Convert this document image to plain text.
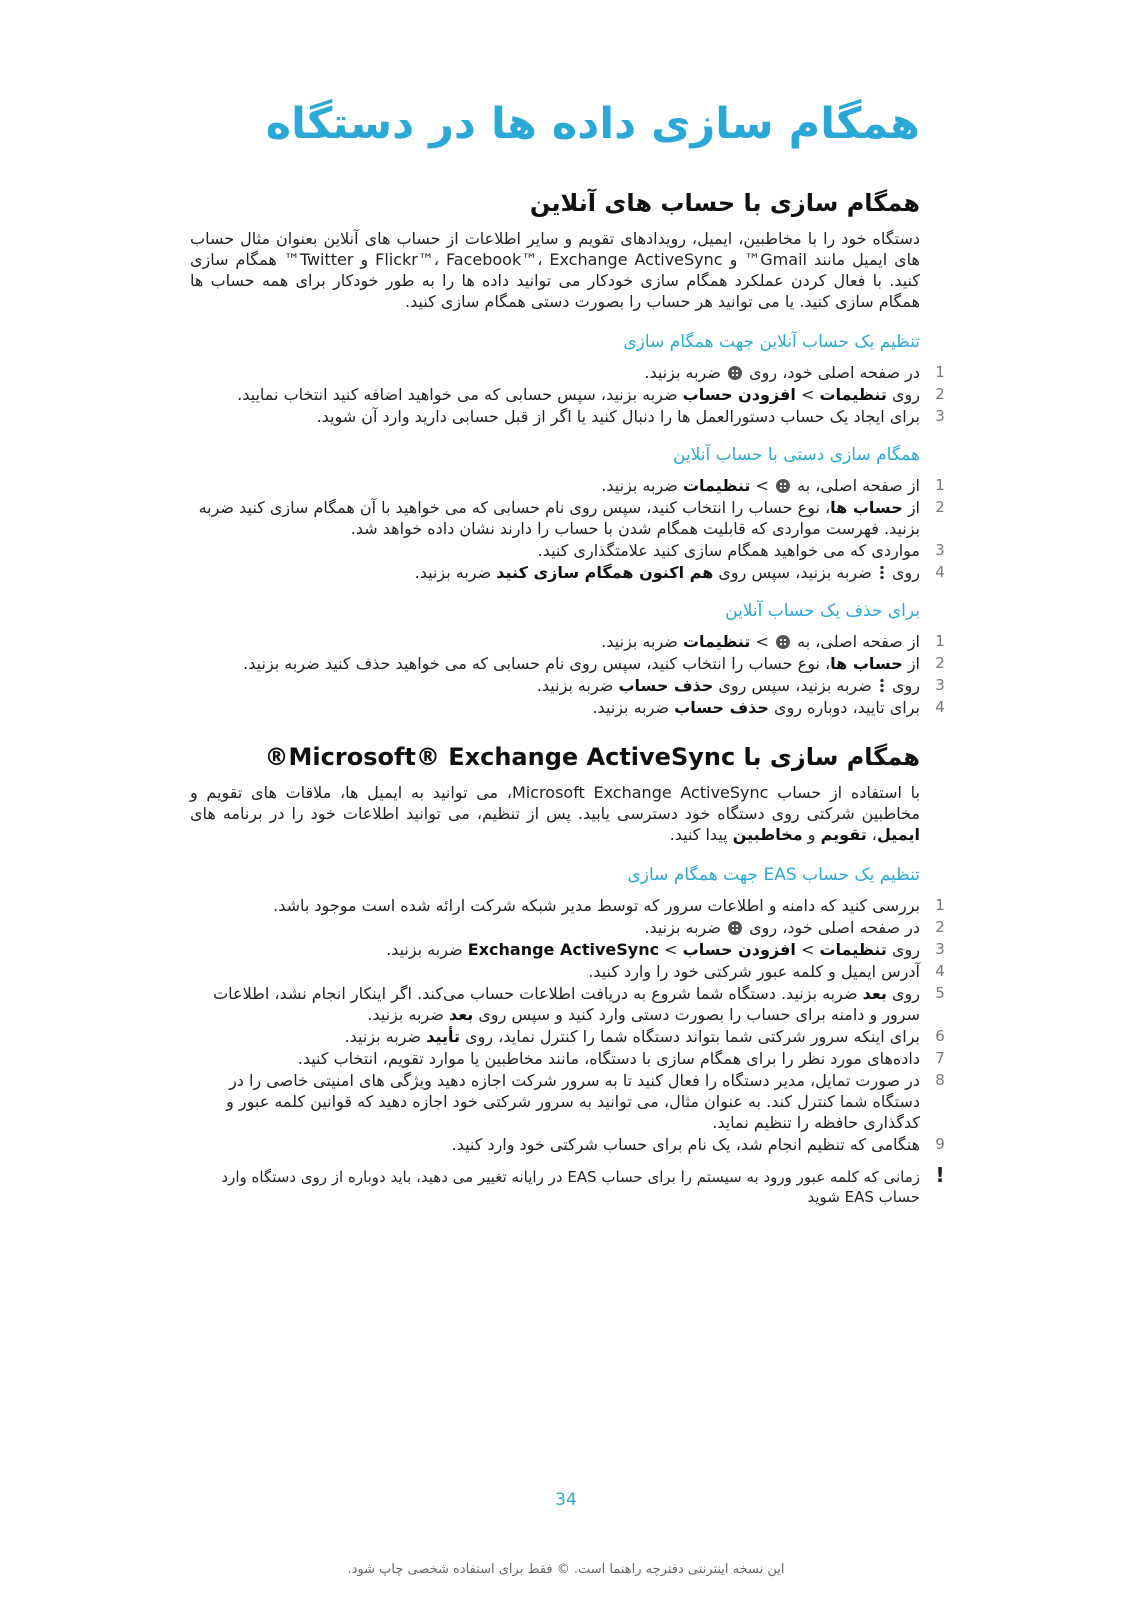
همگام سازی داده ها در دستگاه
همگام سازی با حساب های آنلاین

دستگاه خود را با مخاطبین، ایمیل، رویدادهای تقویم و سایر اطلاعات از حساب های آنلاین بعنوان مثال حساب های ایمیل مانند Gmail™ و Flickr™، Facebook™، Exchange ActiveSync و Twitter™ همگام سازی کنید. با فعال کردن عملکرد همگام سازی خودکار می توانید داده ها را به طور خودکار برای همه حساب ها همگام سازی کنید. یا می توانید هر حساب را بصورت دستی همگام سازی کنید.

تنظیم یک حساب آنلاین جهت همگام سازی
1
در صفحه اصلی خود، روی  ضربه بزنید.
2
روی تنظیمات > افزودن حساب ضربه بزنید، سپس حسابی که می خواهید اضافه کنید انتخاب نمایید.
3
برای ایجاد یک حساب دستورالعمل ها را دنبال کنید یا اگر از قبل حسابی دارید وارد آن شوید.
همگام سازی دستی با حساب آنلاین
1
از صفحه اصلی، به  > تنظیمات ضربه بزنید.
2
از حساب ها، نوع حساب را انتخاب کنید، سپس روی نام حسابی که می خواهید با آن همگام سازی کنید ضربه بزنید. فهرست مواردی که قابلیت همگام شدن با حساب را دارند نشان داده خواهد شد.
3
مواردی که می خواهید همگام سازی کنید علامتگذاری کنید.
4
روی  ضربه بزنید، سپس روی هم اکنون همگام سازی کنید ضربه بزنید.
برای حذف یک حساب آنلاین
1
از صفحه اصلی، به  > تنظیمات ضربه بزنید.
2
از حساب ها، نوع حساب را انتخاب کنید، سپس روی نام حسابی که می خواهید حذف کنید ضربه بزنید.
3
روی  ضربه بزنید، سپس روی حذف حساب ضربه بزنید.
4
برای تایید، دوباره روی حذف حساب ضربه بزنید.
همگام سازی با Microsoft® Exchange ActiveSync®

با استفاده از حساب Microsoft Exchange ActiveSync، می توانید به ایمیل ها، ملاقات های تقویم و مخاطبین شرکتی روی دستگاه خود دسترسی یابید. پس از تنظیم، می توانید اطلاعات خود را در برنامه های ایمیل، تقویم و مخاطبین پیدا کنید.

تنظیم یک حساب EAS جهت همگام سازی
1
بررسی کنید که دامنه و اطلاعات سرور که توسط مدیر شبکه شرکت ارائه شده است موجود باشد.
2
در صفحه اصلی خود، روی  ضربه بزنید.
3
روی تنظیمات > افزودن حساب > Exchange ActiveSync ضربه بزنید.
4
آدرس ایمیل و کلمه عبور شرکتی خود را وارد کنید.
5
روی بعد ضربه بزنید. دستگاه شما شروع به دریافت اطلاعات حساب می‌کند. اگر اینکار انجام نشد، اطلاعات سرور و دامنه برای حساب را بصورت دستی وارد کنید و سپس روی بعد ضربه بزنید.
6
برای اینکه سرور شرکتی شما بتواند دستگاه شما را کنترل نماید، روی تأیید ضربه بزنید.
7
داده‌های مورد نظر را برای همگام سازی با دستگاه، مانند مخاطبین یا موارد تقویم، انتخاب کنید.
8
در صورت تمایل، مدیر دستگاه را فعال کنید تا به سرور شرکت اجازه دهید ویژگی های امنیتی خاصی را در دستگاه شما کنترل کند. به عنوان مثال، می توانید به سرور شرکتی خود اجازه دهید که قوانین کلمه عبور و کدگذاری حافظه را تنظیم نماید.
9
هنگامی که تنظیم انجام شد، یک نام برای حساب شرکتی خود وارد کنید.
!
زمانی که کلمه عبور ورود به سیستم را برای حساب EAS در رایانه تغییر می دهید، باید دوباره از روی دستگاه وارد حساب EAS شوید
34
این نسخه اینترنتی دفترچه راهنما است. © فقط برای استفاده شخصی چاپ شود.
